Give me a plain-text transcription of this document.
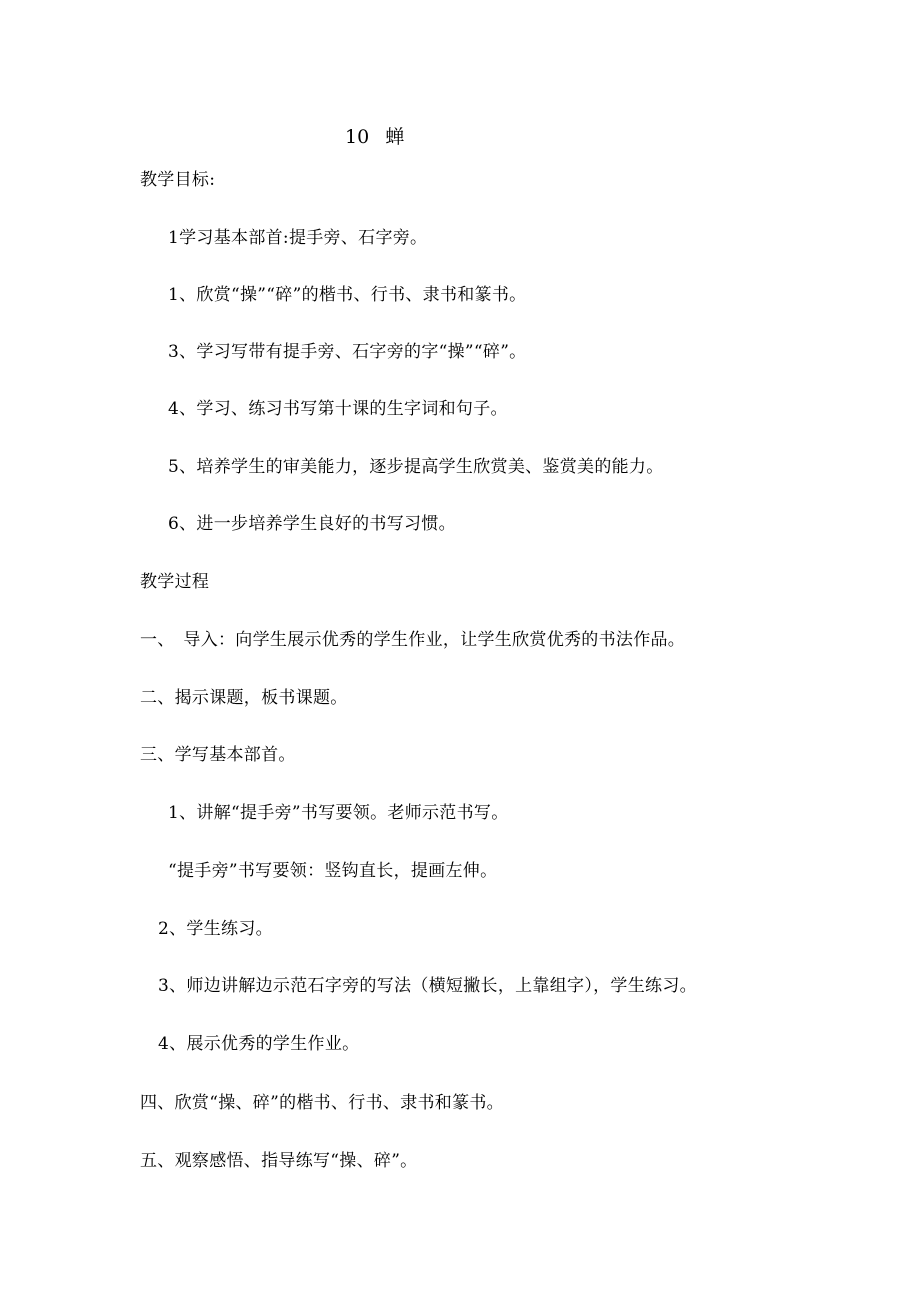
10 蝉
教学目标:
1学习基本部首:提手旁、石字旁。
1、欣赏“操”“碎”的楷书、行书、隶书和篆书。
3、学习写带有提手旁、石字旁的字“操”“碎”。
4、学习、练习书写第十课的生字词和句子。
5、培养学生的审美能力，逐步提高学生欣赏美、鉴赏美的能力。
6、进一步培养学生良好的书写习惯。
教学过程
一、　导入：向学生展示优秀的学生作业，让学生欣赏优秀的书法作品。
二、揭示课题，板书课题。
三、学写基本部首。
1、讲解“提手旁”书写要领。老师示范书写。
“提手旁”书写要领：竖钩直长，提画左伸。
2、学生练习。
3、师边讲解边示范石字旁的写法（横短撇长，上靠组字），学生练习。
4、展示优秀的学生作业。
四、欣赏“操、碎”的楷书、行书、隶书和篆书。
五、观察感悟、指导练写“操、碎”。
